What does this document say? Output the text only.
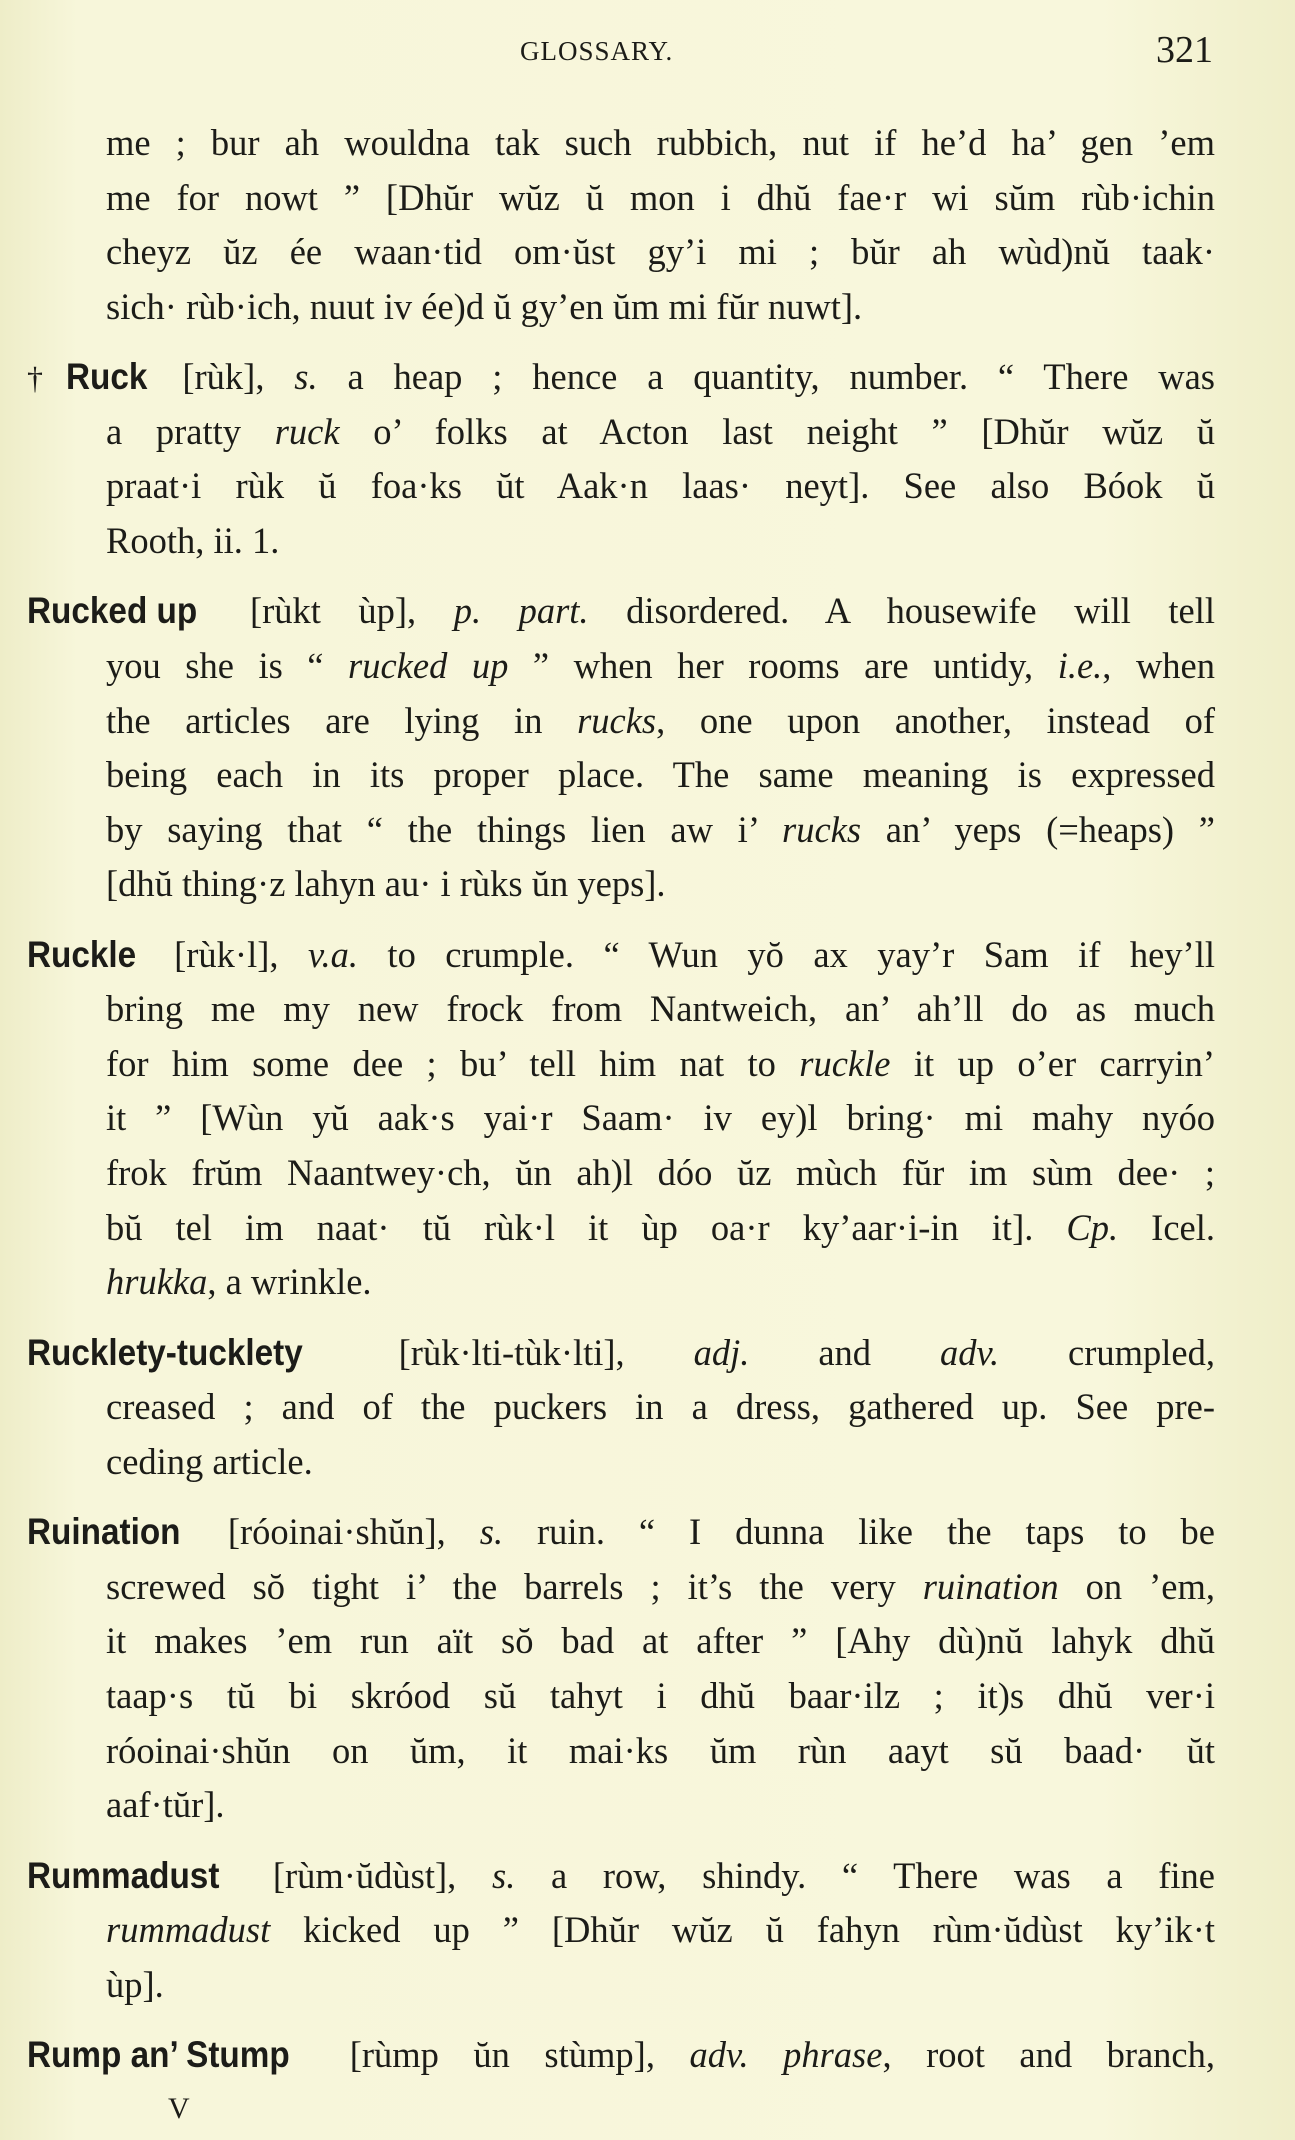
GLOSSARY.	321
me ; bur ah wouldna tak such rubbich, nut if he’d ha’ gen ’em
me for nowt ” [Dhŭr wŭz ŭ mon i dhŭ fae·r wi sŭm rùb·ichin
cheyz ŭz ée waan·tid om·ŭst gy’i mi ; bŭr ah wùd)nŭ taak·
sich· rùb·ich, nuut iv ée)d ŭ gy’en ŭm mi fŭr nuwt].
†Ruck [rùk], s. a heap ; hence a quantity, number. “ There was
a pratty ruck o’ folks at Acton last neight ” [Dhŭr wŭz ŭ
praat·i rùk ŭ foa·ks ŭt Aak·n laas· neyt]. See also Bóok ŭ
Rooth, ii. 1.
Rucked up [rùkt ùp], p. part. disordered. A housewife will tell
you she is “ rucked up ” when her rooms are untidy, i.e., when
the articles are lying in rucks, one upon another, instead of
being each in its proper place. The same meaning is expressed
by saying that “ the things lien aw i’ rucks an’ yeps (=heaps) ”
[dhŭ thing·z lahyn au· i rùks ŭn yeps].
Ruckle [rùk·l], v.a. to crumple. “ Wun yŏ ax yay’r Sam if hey’ll
bring me my new frock from Nantweich, an’ ah’ll do as much
for him some dee ; bu’ tell him nat to ruckle it up o’er carryin’
it ” [Wùn yŭ aak·s yai·r Saam· iv ey)l bring· mi mahy nyóo
frok frŭm Naantwey·ch, ŭn ah)l dóo ŭz mùch fŭr im sùm dee· ;
bŭ tel im naat· tŭ rùk·l it ùp oa·r ky’aar·i-in it]. Cp. Icel.
hrukka, a wrinkle.
Rucklety-tucklety [rùk·lti-tùk·lti], adj. and adv. crumpled,
creased ; and of the puckers in a dress, gathered up. See pre-
ceding article.
Ruination [róoinai·shŭn], s. ruin. “ I dunna like the taps to be
screwed sŏ tight i’ the barrels ; it’s the very ruination on ’em,
it makes ’em run aït sŏ bad at after ” [Ahy dù)nŭ lahyk dhŭ
taap·s tŭ bi skróod sŭ tahyt i dhŭ baar·ilz ; it)s dhŭ ver·i
róoinai·shŭn on ŭm, it mai·ks ŭm rùn aayt sŭ baad· ŭt
aaf·tŭr].
Rummadust [rùm·ŭdùst], s. a row, shindy. “ There was a fine
rummadust kicked up ” [Dhŭr wŭz ŭ fahyn rùm·ŭdùst ky’ik·t
ùp].
Rump an’ Stump [rùmp ŭn stùmp], adv. phrase, root and branch,
V
